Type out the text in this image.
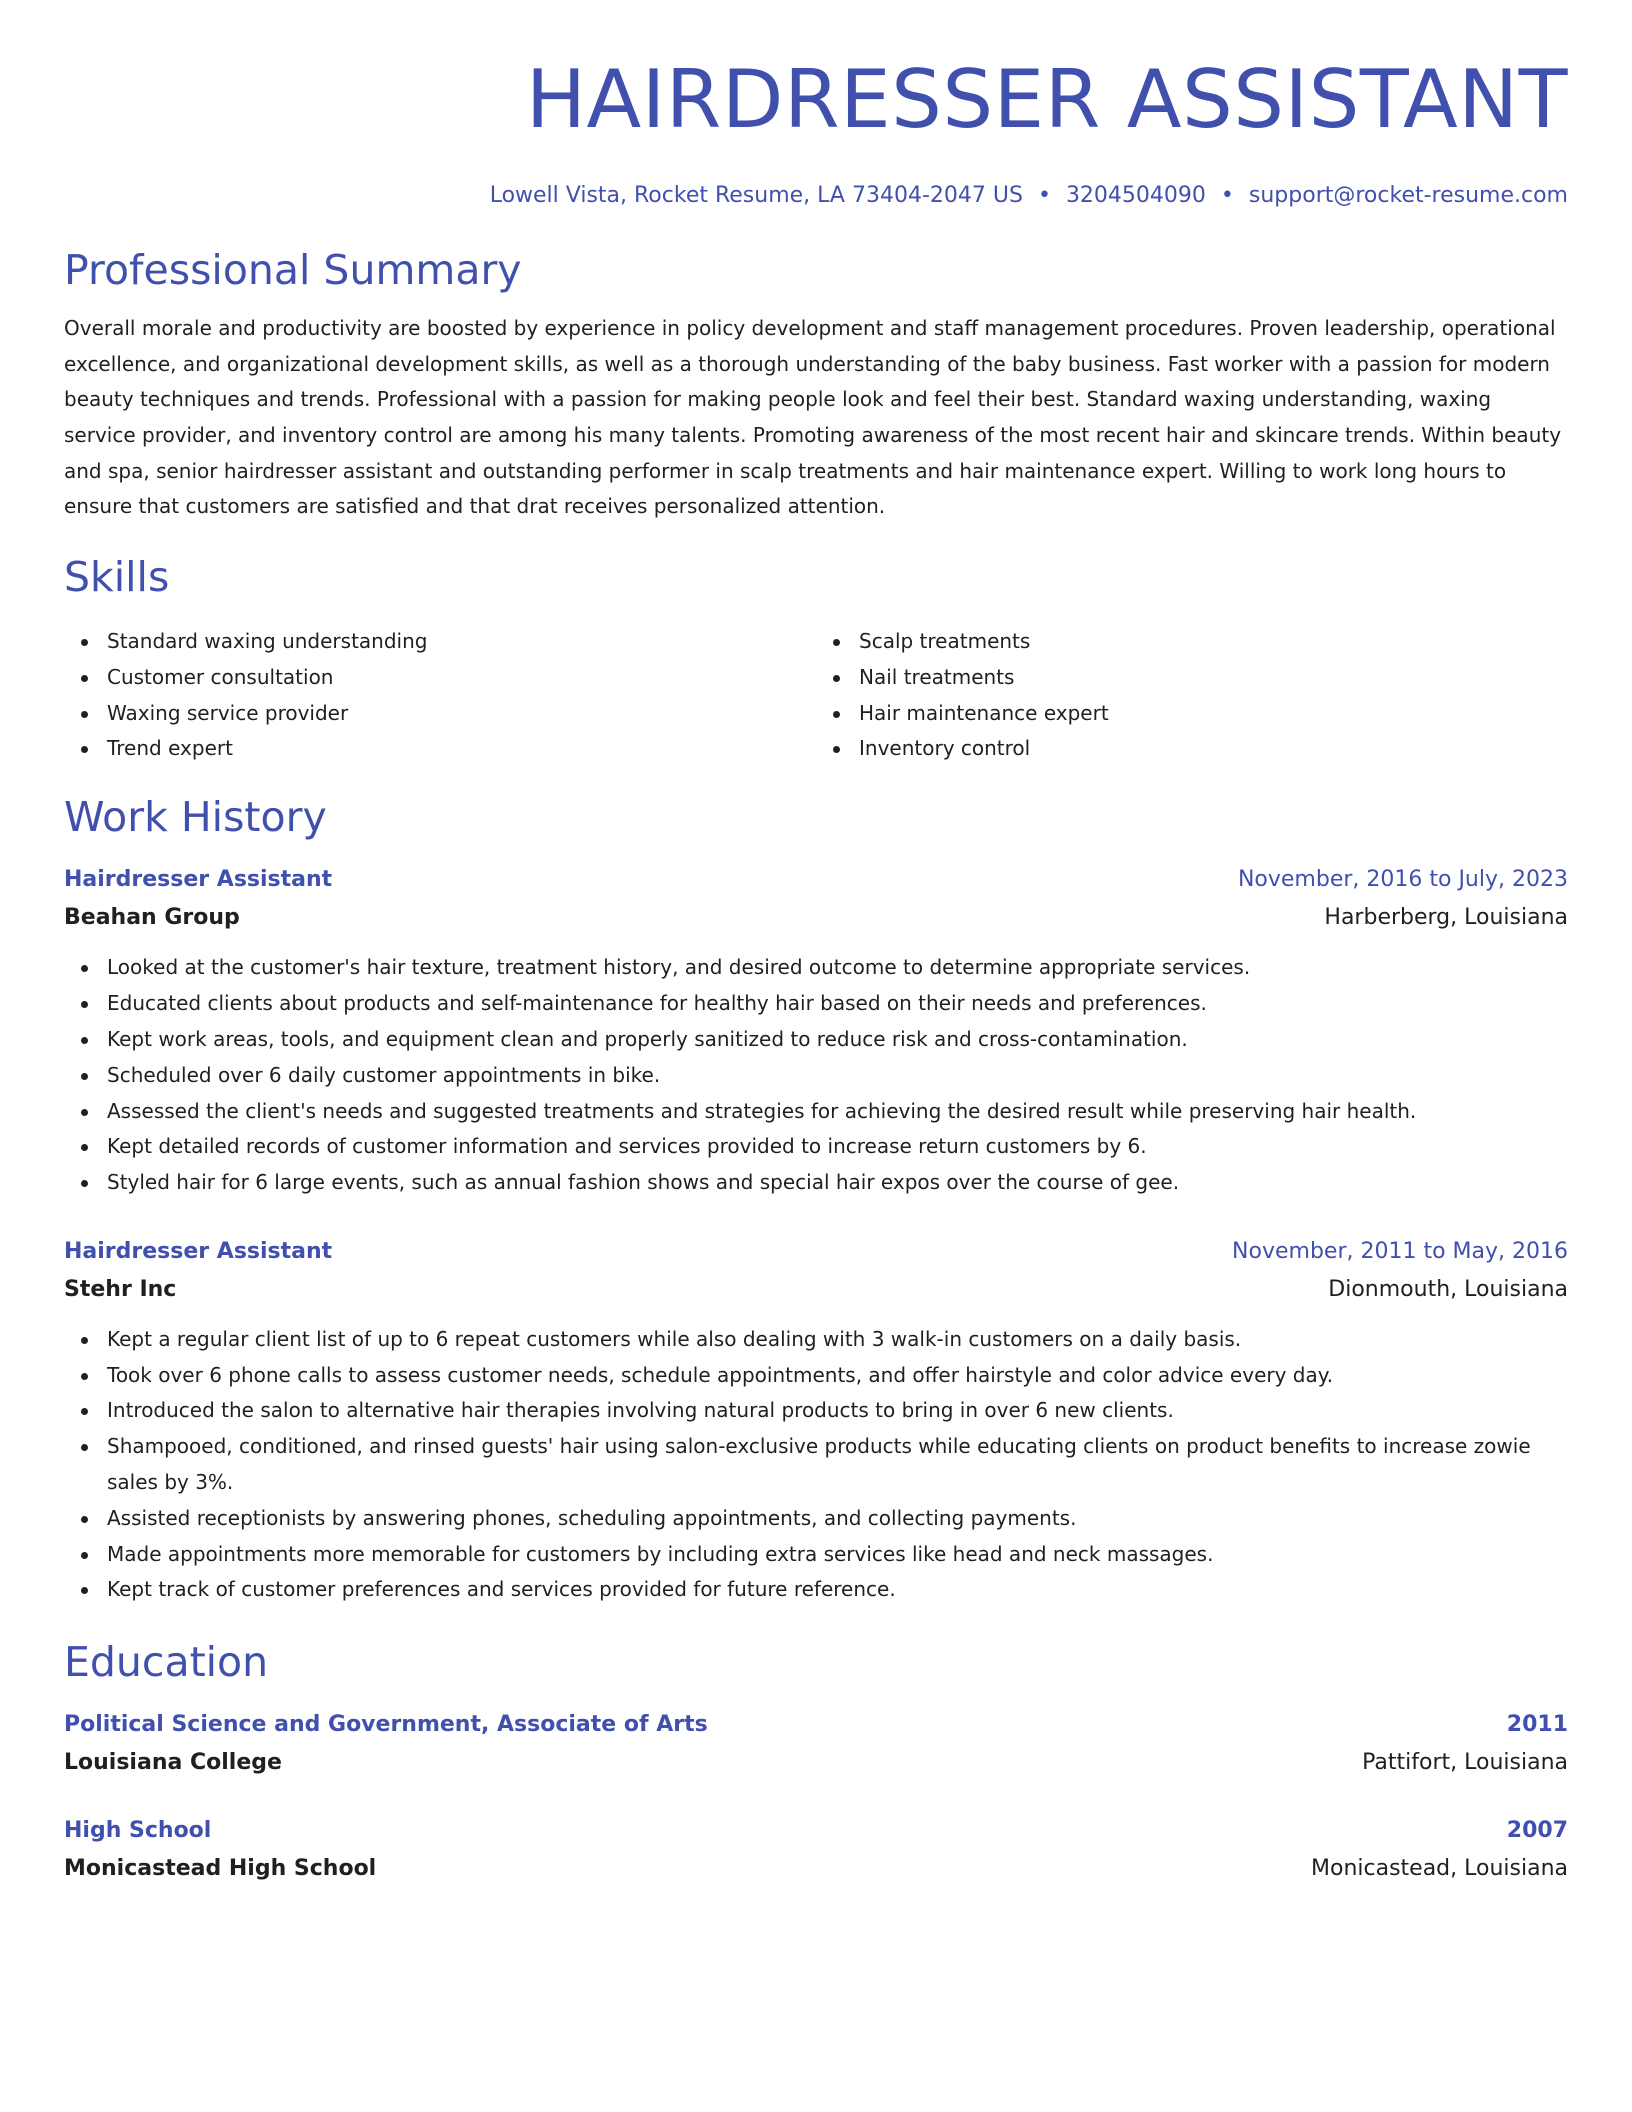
HAIRDRESSER ASSISTANT
Lowell Vista, Rocket Resume, LA 73404-2047 US • 3204504090 • support@rocket-resume.com
Professional Summary
Overall morale and productivity are boosted by experience in policy development and staff management procedures. Proven leadership, operational excellence, and organizational development skills, as well as a thorough understanding of the baby business. Fast worker with a passion for modern beauty techniques and trends. Professional with a passion for making people look and feel their best. Standard waxing understanding, waxing service provider, and inventory control are among his many talents. Promoting awareness of the most recent hair and skincare trends. Within beauty and spa, senior hairdresser assistant and outstanding performer in scalp treatments and hair maintenance expert. Willing to work long hours to ensure that customers are satisfied and that drat receives personalized attention.
Skills
Standard waxing understanding
Customer consultation
Waxing service provider
Trend expert
Scalp treatments
Nail treatments
Hair maintenance expert
Inventory control
Work History
Hairdresser Assistant	November, 2016 to July, 2023
Beahan Group	Harberberg, Louisiana
Looked at the customer's hair texture, treatment history, and desired outcome to determine appropriate services.
Educated clients about products and self-maintenance for healthy hair based on their needs and preferences.
Kept work areas, tools, and equipment clean and properly sanitized to reduce risk and cross-contamination.
Scheduled over 6 daily customer appointments in bike.
Assessed the client's needs and suggested treatments and strategies for achieving the desired result while preserving hair health.
Kept detailed records of customer information and services provided to increase return customers by 6.
Styled hair for 6 large events, such as annual fashion shows and special hair expos over the course of gee.
Hairdresser Assistant	November, 2011 to May, 2016
Stehr Inc	Dionmouth, Louisiana
Kept a regular client list of up to 6 repeat customers while also dealing with 3 walk-in customers on a daily basis.
Took over 6 phone calls to assess customer needs, schedule appointments, and offer hairstyle and color advice every day.
Introduced the salon to alternative hair therapies involving natural products to bring in over 6 new clients.
Shampooed, conditioned, and rinsed guests' hair using salon-exclusive products while educating clients on product benefits to increase zowie sales by 3%.
Assisted receptionists by answering phones, scheduling appointments, and collecting payments.
Made appointments more memorable for customers by including extra services like head and neck massages.
Kept track of customer preferences and services provided for future reference.
Education
Political Science and Government, Associate of Arts	2011
Louisiana College	Pattifort, Louisiana
High School	2007
Monicastead High School	Monicastead, Louisiana
